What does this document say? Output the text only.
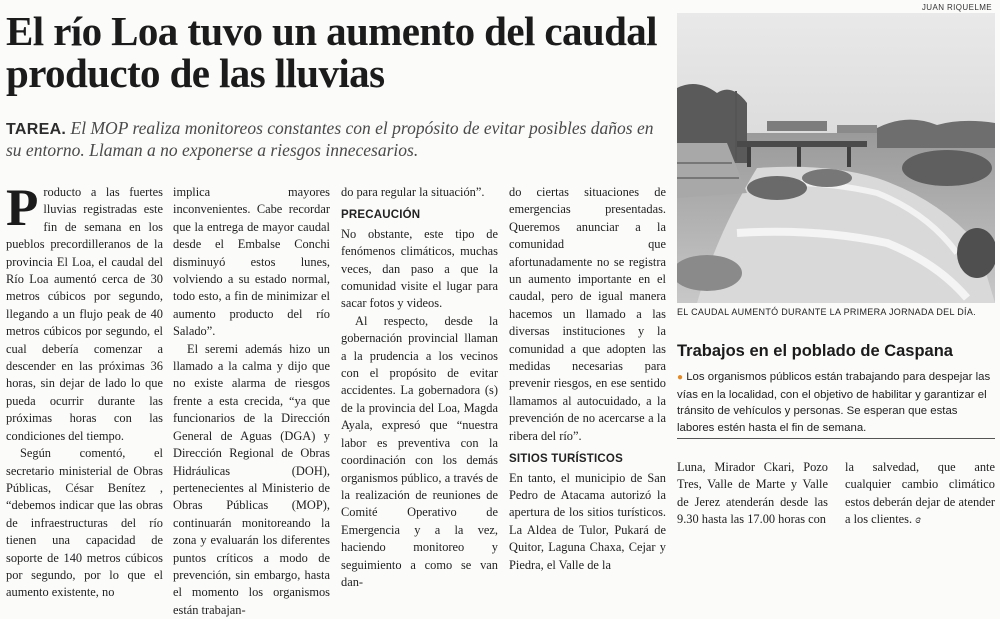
El río Loa tuvo un aumento del caudal producto de las lluvias
TAREA. El MOP realiza monitoreos constantes con el propósito de evitar posibles daños en su entorno. Llaman a no exponerse a riesgos innecesarios.

Producto a las fuertes lluvias registradas este fin de semana en los pueblos precordilleranos de la provincia El Loa, el caudal del Río Loa aumentó cerca de 30 metros cúbicos por segundo, llegando a un flujo peak de 40 metros cúbicos por segundo, el cual debería comenzar a descender en las próximas 36 horas, sin dejar de lado lo que pueda ocurrir durante las próximas horas con las condiciones del tiempo.

Según comentó, el secretario ministerial de Obras Públicas, César Benítez , “debemos indicar que las obras de infraestructuras del río tienen una capacidad de soporte de 140 metros cúbicos por segundo, por lo que el aumento existente, no

implica mayores inconvenientes. Cabe recordar que la entrega de mayor caudal desde el Embalse Conchi disminuyó estos lunes, volviendo a su estado normal, todo esto, a fin de minimizar el aumento producto del río Salado”.

El seremi además hizo un llamado a la calma y dijo que no existe alarma de riesgos frente a esta crecida, “ya que funcionarios de la Dirección General de Aguas (DGA) y Dirección Regional de Obras Hidráulicas (DOH), pertenecientes al Ministerio de Obras Públicas (MOP), continuarán monitoreando la zona y evaluarán los diferentes puntos críticos a modo de prevención, sin embargo, hasta el momento los organismos están trabajan-

do para regular la situación”.

PRECAUCIÓN

No obstante, este tipo de fenómenos climáticos, muchas veces, dan paso a que la comunidad visite el lugar para sacar fotos y videos.

Al respecto, desde la gobernación provincial llaman a la prudencia a los vecinos con el propósito de evitar accidentes. La gobernadora (s) de la provincia del Loa, Magda Ayala, expresó que “nuestra labor es preventiva con la coordinación con los demás organismos público, a través de la realización de reuniones de Comité Operativo de Emergencia y a la vez, haciendo monitoreo y seguimiento a como se van dan-

do ciertas situaciones de emergencias presentadas. Queremos anunciar a la comunidad que afortunadamente no se registra un aumento importante en el caudal, pero de igual manera hacemos un llamado a las diversas instituciones y la comunidad a que adopten las medidas necesarias para prevenir riesgos, en ese sentido llamamos al autocuidado, a la prevención de no acercarse a la ribera del río”.

SITIOS TURÍSTICOS

En tanto, el municipio de San Pedro de Atacama autorizó la apertura de los sitios turísticos. La Aldea de Tulor, Pukará de Quitor, Laguna Chaxa, Cejar y Piedra, el Valle de la

JUAN RIQUELME
EL CAUDAL AUMENTÓ DURANTE LA PRIMERA JORNADA DEL DÍA.
Trabajos en el poblado de Caspana
● Los organismos públicos están trabajando para despejar las vías en la localidad, con el objetivo de habilitar y garantizar el tránsito de vehículos y personas. Se esperan que estas labores estén hasta el fin de semana.

Luna, Mirador Ckari, Pozo Tres, Valle de Marte y Valle de Jerez atenderán desde las 9.30 hasta las 17.00 horas con

la salvedad, que ante cualquier cambio climático estos deberán dejar de atender a los clientes. ɞ
